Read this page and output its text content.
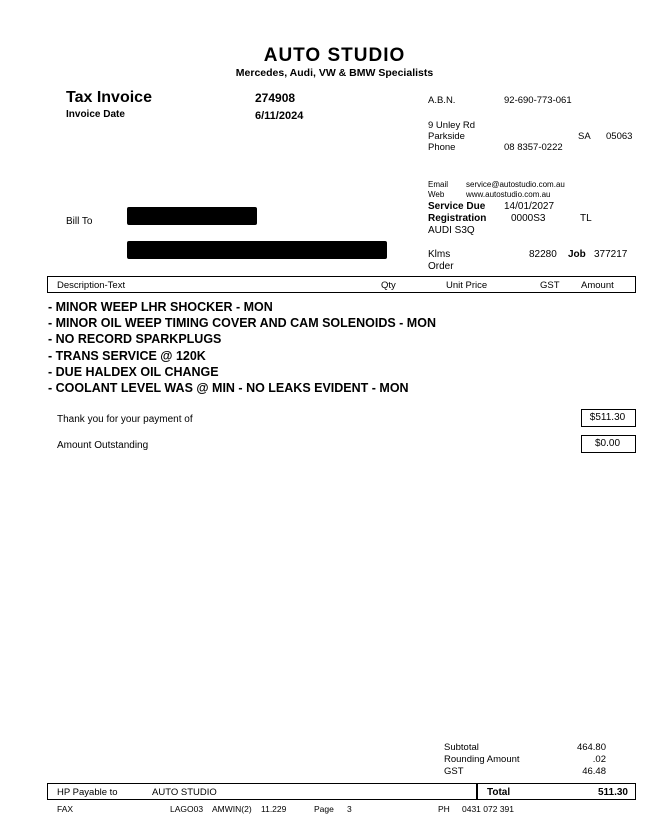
AUTO STUDIO
Mercedes, Audi, VW & BMW Specialists
Tax Invoice
Invoice Date
274908
6/11/2024
A.B.N.	92-690-773-061
9 Unley Rd
Parkside	SA 05063
Phone	08 8357-0222
Email service@autostudio.com.au
Web	www.autostudio.com.au
Service Due 14/01/2027
Registration 0000S3	TL
AUDI S3Q
Klms	82280 Job 377217
Order
Bill To
Description-Text	Qty	Unit Price	GST Amount
- MINOR WEEP LHR SHOCKER - MON
- MINOR OIL WEEP TIMING COVER AND CAM SOLENOIDS - MON
- NO RECORD SPARKPLUGS
- TRANS SERVICE @ 120K
- DUE HALDEX OIL CHANGE
- COOLANT LEVEL WAS @ MIN - NO LEAKS EVIDENT - MON
Thank you for your payment of	$511.30
Amount Outstanding	$0.00
Subtotal	464.80
Rounding Amount	.02
GST	46.48
HP Payable to	AUTO STUDIO	Total	511.30
FAX	LAGO03 AMWIN(2) 11.229	Page 3	PH 0431 072 391
